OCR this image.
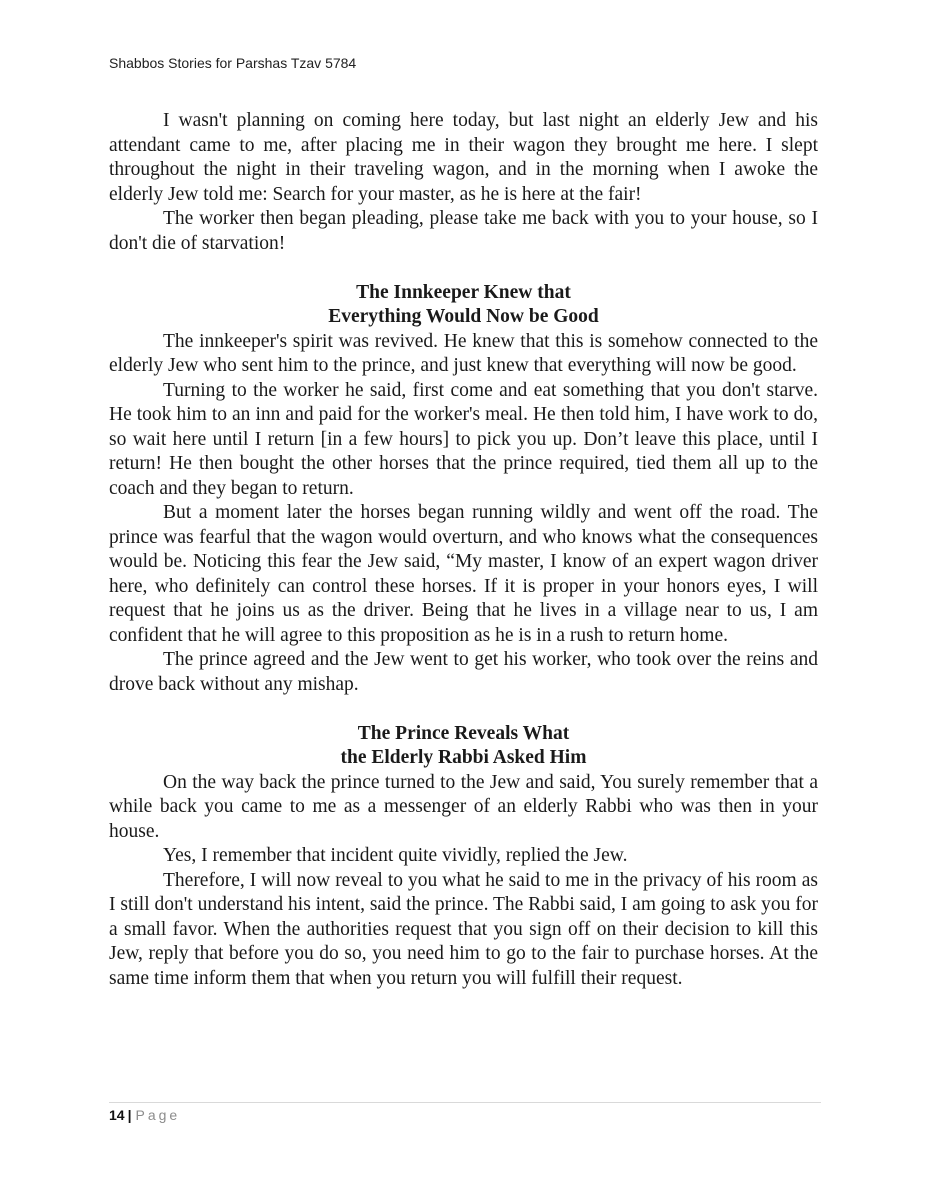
Shabbos Stories for Parshas Tzav 5784

I wasn't planning on coming here today, but last night an elderly Jew and his attendant came to me, after placing me in their wagon they brought me here. I slept throughout the night in their traveling wagon, and in the morning when I awoke the elderly Jew told me: Search for your master, as he is here at the fair!

The worker then began pleading, please take me back with you to your house, so I don't die of starvation!

The Innkeeper Knew that
Everything Would Now be Good

The innkeeper's spirit was revived. He knew that this is somehow connected to the elderly Jew who sent him to the prince, and just knew that everything will now be good.

Turning to the worker he said, first come and eat something that you don't starve. He took him to an inn and paid for the worker's meal. He then told him, I have work to do, so wait here until I return [in a few hours] to pick you up. Don’t leave this place, until I return! He then bought the other horses that the prince required, tied them all up to the coach and they began to return.

But a moment later the horses began running wildly and went off the road. The prince was fearful that the wagon would overturn, and who knows what the consequences would be. Noticing this fear the Jew said, “My master, I know of an expert wagon driver here, who definitely can control these horses. If it is proper in your honors eyes, I will request that he joins us as the driver. Being that he lives in a village near to us, I am confident that he will agree to this proposition as he is in a rush to return home.

The prince agreed and the Jew went to get his worker, who took over the reins and drove back without any mishap.

The Prince Reveals What
the Elderly Rabbi Asked Him

On the way back the prince turned to the Jew and said, You surely remember that a while back you came to me as a messenger of an elderly Rabbi who was then in your house.

Yes, I remember that incident quite vividly, replied the Jew.

Therefore, I will now reveal to you what he said to me in the privacy of his room as I still don't understand his intent, said the prince. The Rabbi said, I am going to ask you for a small favor. When the authorities request that you sign off on their decision to kill this Jew, reply that before you do so, you need him to go to the fair to purchase horses. At the same time inform them that when you return you will fulfill their request.

14 | Page
